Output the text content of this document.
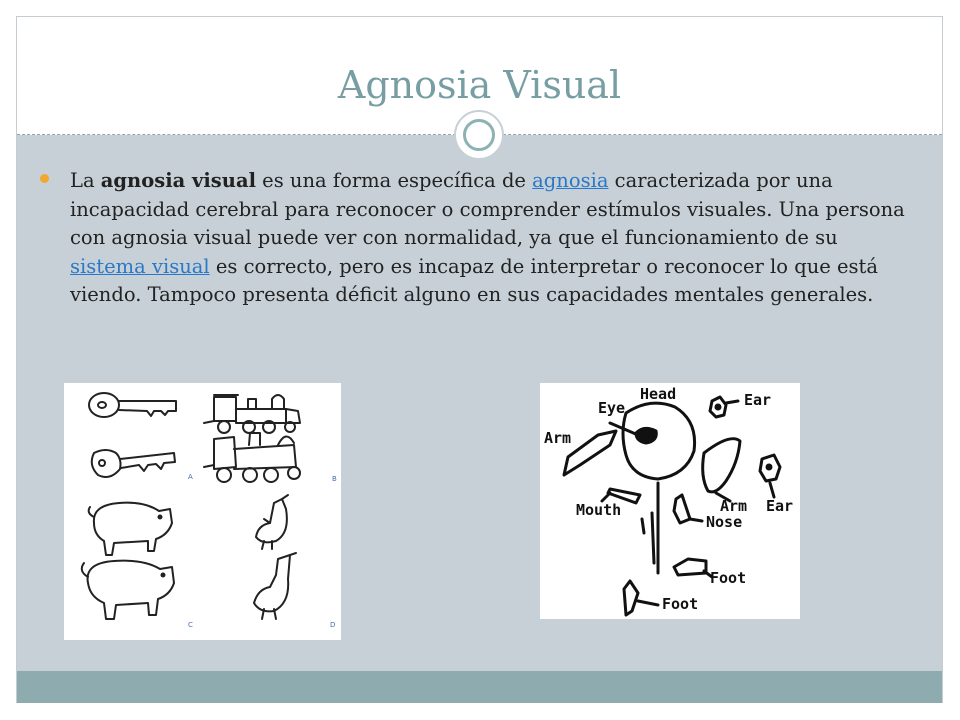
Agnosia Visual

La agnosia visual es una forma específica de agnosia caracterizada por una incapacidad cerebral para reconocer o comprender estímulos visuales. Una persona con agnosia visual puede ver con normalidad, ya que el funcionamiento de su sistema visual es correcto, pero es incapaz de interpretar o reconocer lo que está viendo. Tampoco presenta déficit alguno en sus capacidades mentales generales.

A	B
C	D
Head
Eye	Ear
Arm
Mouth
Nose
Arm Ear
Foot
Foot
